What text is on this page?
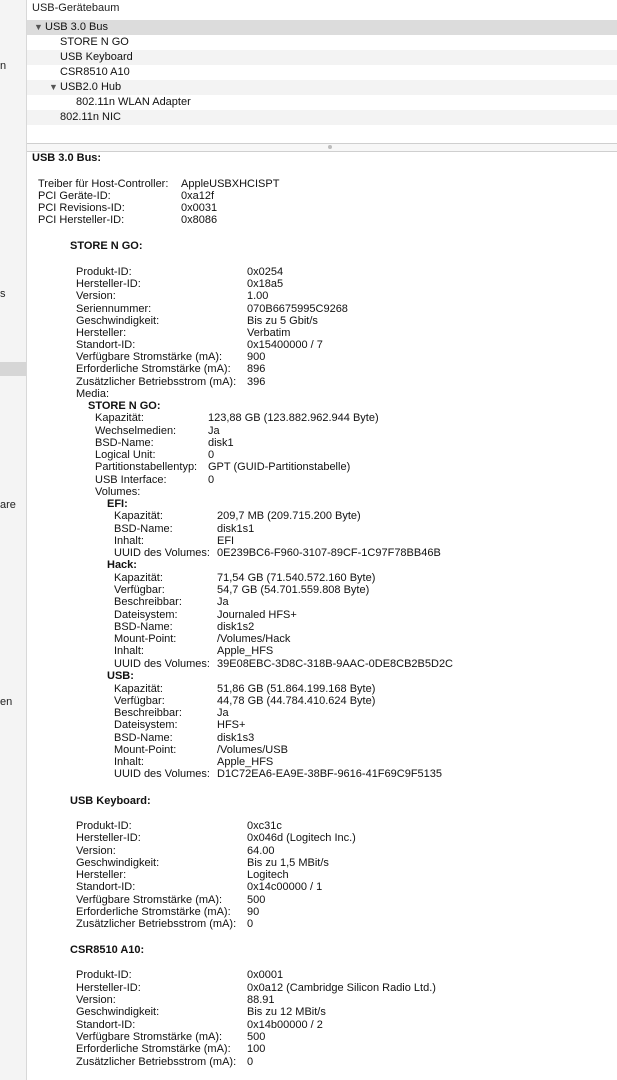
n
s
are
en
USB-Gerätebaum
▼ USB 3.0 Bus
STORE N GO
USB Keyboard
CSR8510 A10
▼ USB2.0 Hub
802.11n WLAN Adapter
802.11n NIC
USB 3.0 Bus:
Treiber für Host-Controller: AppleUSBXHCISPT
PCI Geräte-ID:	0xa12f
PCI Revisions-ID:	0x0031
PCI Hersteller-ID:	0x8086
STORE N GO:
Produkt-ID:	0x0254
Hersteller-ID:	0x18a5
Version:	1.00
Seriennummer:	070B6675995C9268
Geschwindigkeit:	Bis zu 5 Gbit/s
Hersteller:	Verbatim
Standort-ID:	0x15400000 / 7
Verfügbare Stromstärke (mA): 900
Erforderliche Stromstärke (mA): 896
Zusätzlicher Betriebsstrom (mA): 396
Media:
STORE N GO:
Kapazität:	123,88 GB (123.882.962.944 Byte)
Wechselmedien:	Ja
BSD-Name:	disk1
Logical Unit:	0
Partitionstabellentyp: GPT (GUID-Partitionstabelle)
USB Interface:	0
Volumes:
EFI:
Kapazität:	209,7 MB (209.715.200 Byte)
BSD-Name:	disk1s1
Inhalt:	EFI
UUID des Volumes: 0E239BC6-F960-3107-89CF-1C97F78BB46B
Hack:
Kapazität:	71,54 GB (71.540.572.160 Byte)
Verfügbar:	54,7 GB (54.701.559.808 Byte)
Beschreibbar:	Ja
Dateisystem:	Journaled HFS+
BSD-Name:	disk1s2
Mount-Point:	/Volumes/Hack
Inhalt:	Apple_HFS
UUID des Volumes: 39E08EBC-3D8C-318B-9AAC-0DE8CB2B5D2C
USB:
Kapazität:	51,86 GB (51.864.199.168 Byte)
Verfügbar:	44,78 GB (44.784.410.624 Byte)
Beschreibbar:	Ja
Dateisystem:	HFS+
BSD-Name:	disk1s3
Mount-Point:	/Volumes/USB
Inhalt:	Apple_HFS
UUID des Volumes: D1C72EA6-EA9E-38BF-9616-41F69C9F5135
USB Keyboard:
Produkt-ID:	0xc31c
Hersteller-ID:	0x046d (Logitech Inc.)
Version:	64.00
Geschwindigkeit:	Bis zu 1,5 MBit/s
Hersteller:	Logitech
Standort-ID:	0x14c00000 / 1
Verfügbare Stromstärke (mA): 500
Erforderliche Stromstärke (mA): 90
Zusätzlicher Betriebsstrom (mA): 0
CSR8510 A10:
Produkt-ID:	0x0001
Hersteller-ID:	0x0a12 (Cambridge Silicon Radio Ltd.)
Version:	88.91
Geschwindigkeit:	Bis zu 12 MBit/s
Standort-ID:	0x14b00000 / 2
Verfügbare Stromstärke (mA): 500
Erforderliche Stromstärke (mA): 100
Zusätzlicher Betriebsstrom (mA): 0
